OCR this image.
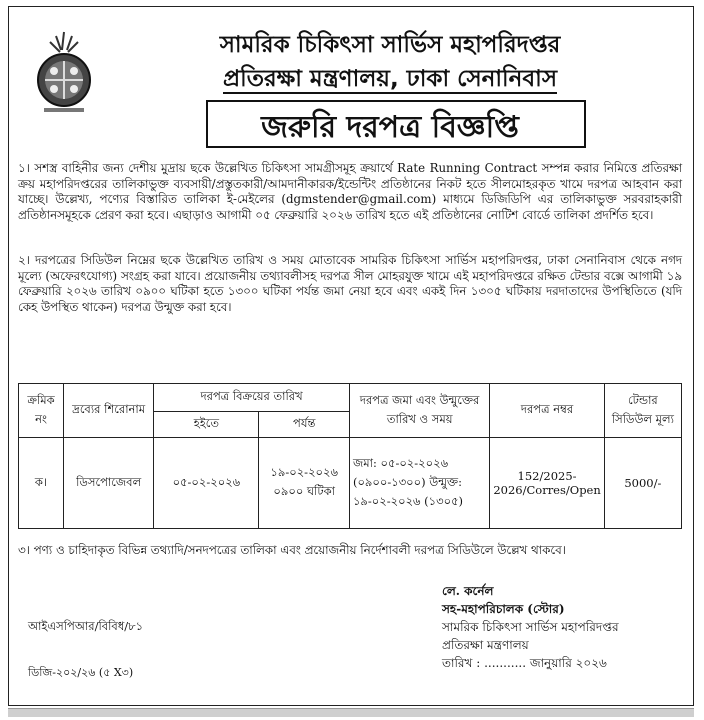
সামরিক চিকিৎসা সার্ভিস মহাপরিদপ্তর
প্রতিরক্ষা মন্ত্রণালয়, ঢাকা সেনানিবাস
জরুরি দরপত্র বিজ্ঞপ্তি
১। সশস্ত্র বাহিনীর জন্য দেশীয় মুদ্রায় ছকে উল্লেখিত চিকিৎসা সামগ্রীসমূহ ক্রয়ার্থে Rate Running Contract সম্পন্ন করার নিমিত্তে প্রতিরক্ষা ক্রয় মহাপরিদপ্তরের তালিকাভুক্ত ব্যবসায়ী/প্রস্তুতকারী/আমদানীকারক/ইন্ডেন্টিং প্রতিষ্ঠানের নিকট হতে সীলমোহরকৃত খামে দরপত্র আহবান করা যাচ্ছে। উল্লেখ্য, পণ্যের বিস্তারিত তালিকা ই-মেইলের (dgmstender@gmail.com) মাধ্যমে ডিজিডিপি এর তালিকাভুক্ত সরবরাহকারী প্রতিষ্ঠানসমূহকে প্রেরণ করা হবে। এছাড়াও আগামী ০৫ ফেব্রুয়ারি ২০২৬ তারিখ হতে এই প্রতিষ্ঠানের নোটিশ বোর্ডে তালিকা প্রদর্শিত হবে।
২। দরপত্রের সিডিউল নিম্নের ছকে উল্লেখিত তারিখ ও সময় মোতাবেক সামরিক চিকিৎসা সার্ভিস মহাপরিদপ্তর, ঢাকা সেনানিবাস থেকে নগদ মূল্যে (অফেরৎযোগ্য) সংগ্রহ করা যাবে। প্রয়োজনীয় তথ্যাবলীসহ দরপত্র সীল মোহরযুক্ত খামে এই মহাপরিদপ্তরে রক্ষিত টেন্ডার বক্সে আগামী ১৯ ফেব্রুয়ারি ২০২৬ তারিখ ০৯০০ ঘটিকা হতে ১৩০০ ঘটিকা পর্যন্ত জমা নেয়া হবে এবং একই দিন ১৩০৫ ঘটিকায় দরদাতাদের উপস্থিতিতে (যদি কেহ উপস্থিত থাকেন) দরপত্র উন্মুক্ত করা হবে।
ক্রমিক নং	দ্রব্যের শিরোনাম	দরপত্র বিক্রয়ের তারিখ		দরপত্র জমা এবং উন্মুক্তের তারিখ ও সময়	দরপত্র নম্বর	টেন্ডার সিডিউল মূল্য
		হইতে	পর্যন্ত			
ক।	ডিসপোজেবল	০৫-০২-২০২৬	১৯-০২-২০২৬ ০৯০০ ঘটিকা	জমা: ০৫-০২-২০২৬ (০৯০০-১৩০০) উন্মুক্ত: ১৯-০২-২০২৬ (১৩০৫)	152/2025-2026/Corres/Open	5000/-
৩। পণ্য ও চাহিদাকৃত বিভিন্ন তথ্যাদি/সনদপত্রের তালিকা এবং প্রয়োজনীয় নির্দেশাবলী দরপত্র সিডিউলে উল্লেখ থাকবে।
আইএসপিআর/বিবিধ/৮১
ডিজি-২০২/২৬ (৫ X৩)
লে. কর্নেল
সহ-মহাপরিচালক (স্টোর)
সামরিক চিকিৎসা সার্ভিস মহাপরিদপ্তর
প্রতিরক্ষা মন্ত্রণালয়
তারিখ : ........... জানুয়ারি ২০২৬
